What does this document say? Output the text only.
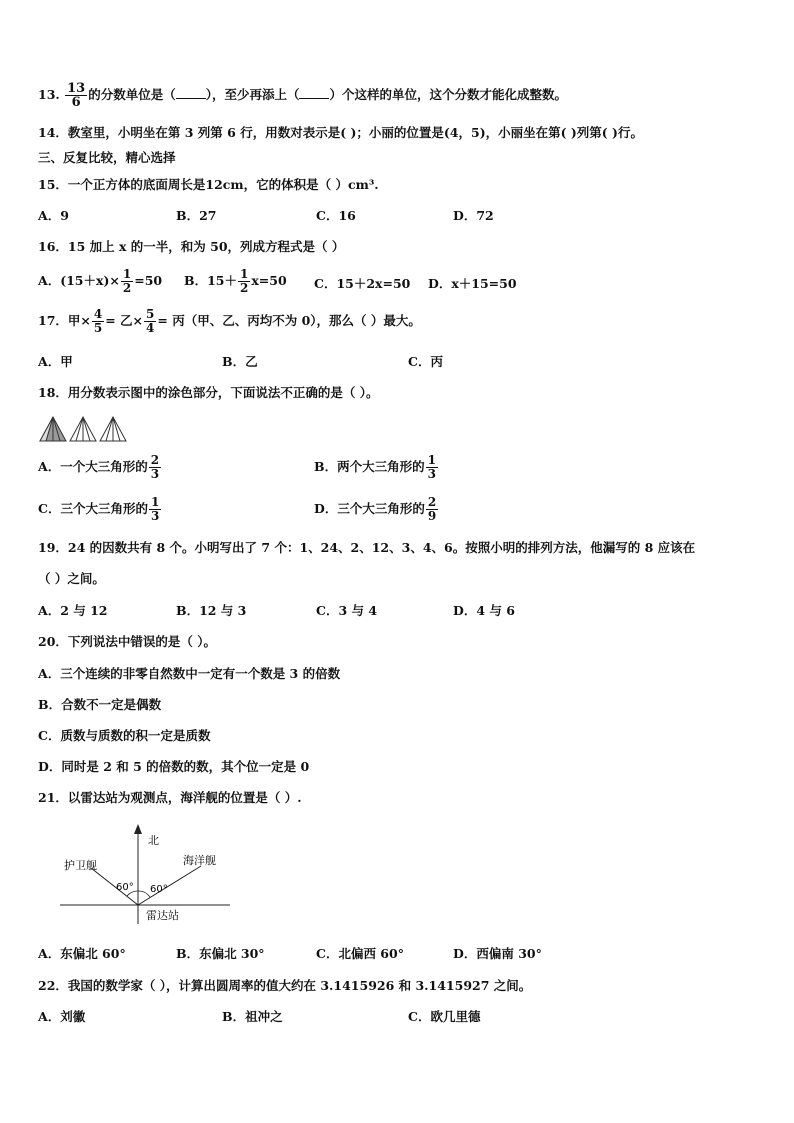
13. $\frac{13}{6}$ 的分数单位是（ ），至少再添上（ ）个这样的单位，这个分数才能化成整数。
14．教室里，小明坐在第 3 列第 6 行，用数对表示是( )；小丽的位置是(4，5)，小丽坐在第( )列第( )行。
三、反复比较，精心选择
15．一个正方体的底面周长是12cm，它的体积是（ ）cm³.
A．9	B．27	C．16	D．72
16．15 加上 x 的一半，和为 50，列成方程式是（ ）
A．$(15+x)\times \frac{1}{2} =50$ B．$15+ \frac{1}{2} x=50$ C．15＋2x=50 D．x＋15=50
17．甲× $\frac{4}{5}$ = 乙× $\frac{5}{4}$ = 丙（甲、乙、丙均不为 0），那么（ ）最大。
A．甲	B．乙	C．丙
18．用分数表示图中的涂色部分，下面说法不正确的是（ ）。
A．一个大三角形的 $\frac{2}{3}$	B．两个大三角形的 $\frac{1}{3}$
C．三个大三角形的 $\frac{1}{3}$	D．三个大三角形的 $\frac{2}{9}$
19．24 的因数共有 8 个。小明写出了 7 个：1、24、2、12、3、4、6。按照小明的排列方法，他漏写的 8 应该在
（ ）之间。
A．2 与 12	B．12 与 3	C．3 与 4	D．4 与 6
20．下列说法中错误的是（ ）。
A．三个连续的非零自然数中一定有一个数是 3 的倍数
B．合数不一定是偶数
C．质数与质数的积一定是质数
D．同时是 2 和 5 的倍数的数，其个位一定是 0
21．以雷达站为观测点，海洋舰的位置是（ ）.
北
护卫舰	海洋舰
60° 60°
雷达站
A．东偏北 60°	B．东偏北 30°	C．北偏西 60°	D．西偏南 30°
22．我国的数学家（ ），计算出圆周率的值大约在 3.1415926 和 3.1415927 之间。
A．刘徽	B．祖冲之	C．欧几里德
